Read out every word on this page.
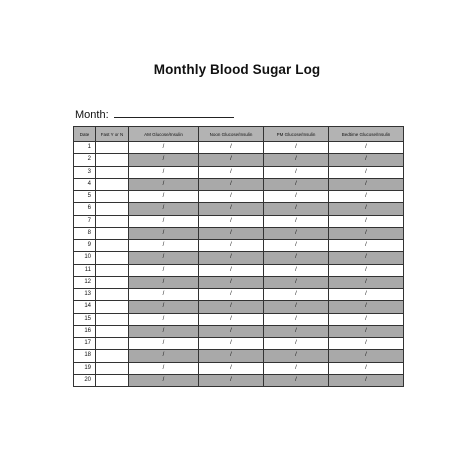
Monthly Blood Sugar Log
Month:
Date	Fast Y or N	AM Glucose/Insulin	Noon Glucose/Insulin	PM Glucose/Insulin	Bedtime Glucose/Insulin
1		/	/	/	/
2		/	/	/	/
3		/	/	/	/
4		/	/	/	/
5		/	/	/	/
6		/	/	/	/
7		/	/	/	/
8		/	/	/	/
9		/	/	/	/
10		/	/	/	/
11		/	/	/	/
12		/	/	/	/
13		/	/	/	/
14		/	/	/	/
15		/	/	/	/
16		/	/	/	/
17		/	/	/	/
18		/	/	/	/
19		/	/	/	/
20		/	/	/	/
